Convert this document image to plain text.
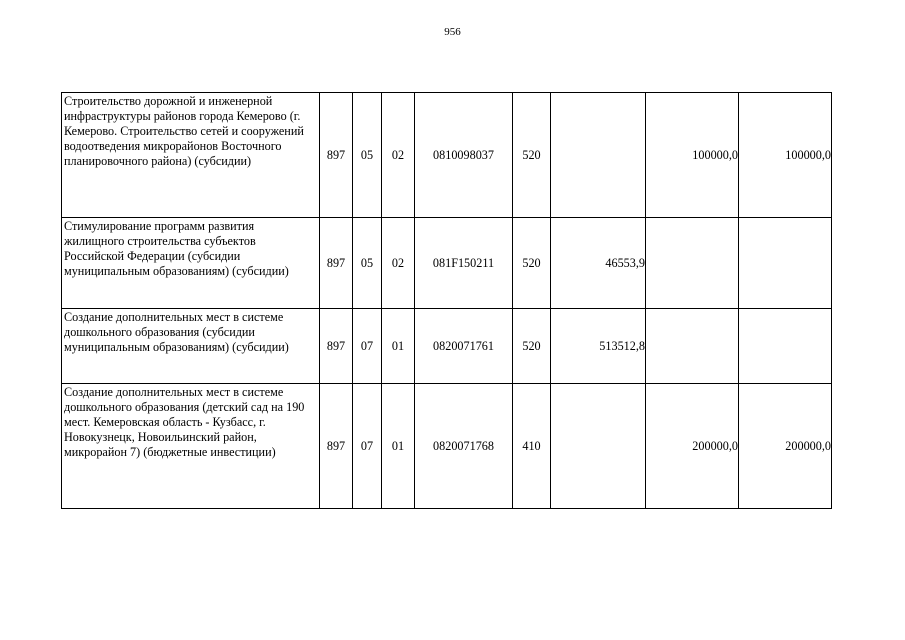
956
Строительство дорожной и инженерной инфраструктуры районов города Кемерово (г. Кемерово. Строительство сетей и сооружений водоотведения микрорайонов Восточного планировочного района) (субсидии)	897	05	02	0810098037	520		100000,0	100000,0
Стимулирование программ развития жилищного строительства субъектов Российской Федерации (субсидии муниципальным образованиям) (субсидии)	897	05	02	081F150211	520	46553,9		
Создание дополнительных мест в системе дошкольного образования (субсидии муниципальным образованиям) (субсидии)	897	07	01	0820071761	520	513512,8		
Создание дополнительных мест в системе дошкольного образования (детский сад на 190 мест. Кемеровская область - Кузбасс, г. Новокузнецк, Новоильинский район, микрорайон 7) (бюджетные инвестиции)	897	07	01	0820071768	410		200000,0	200000,0
